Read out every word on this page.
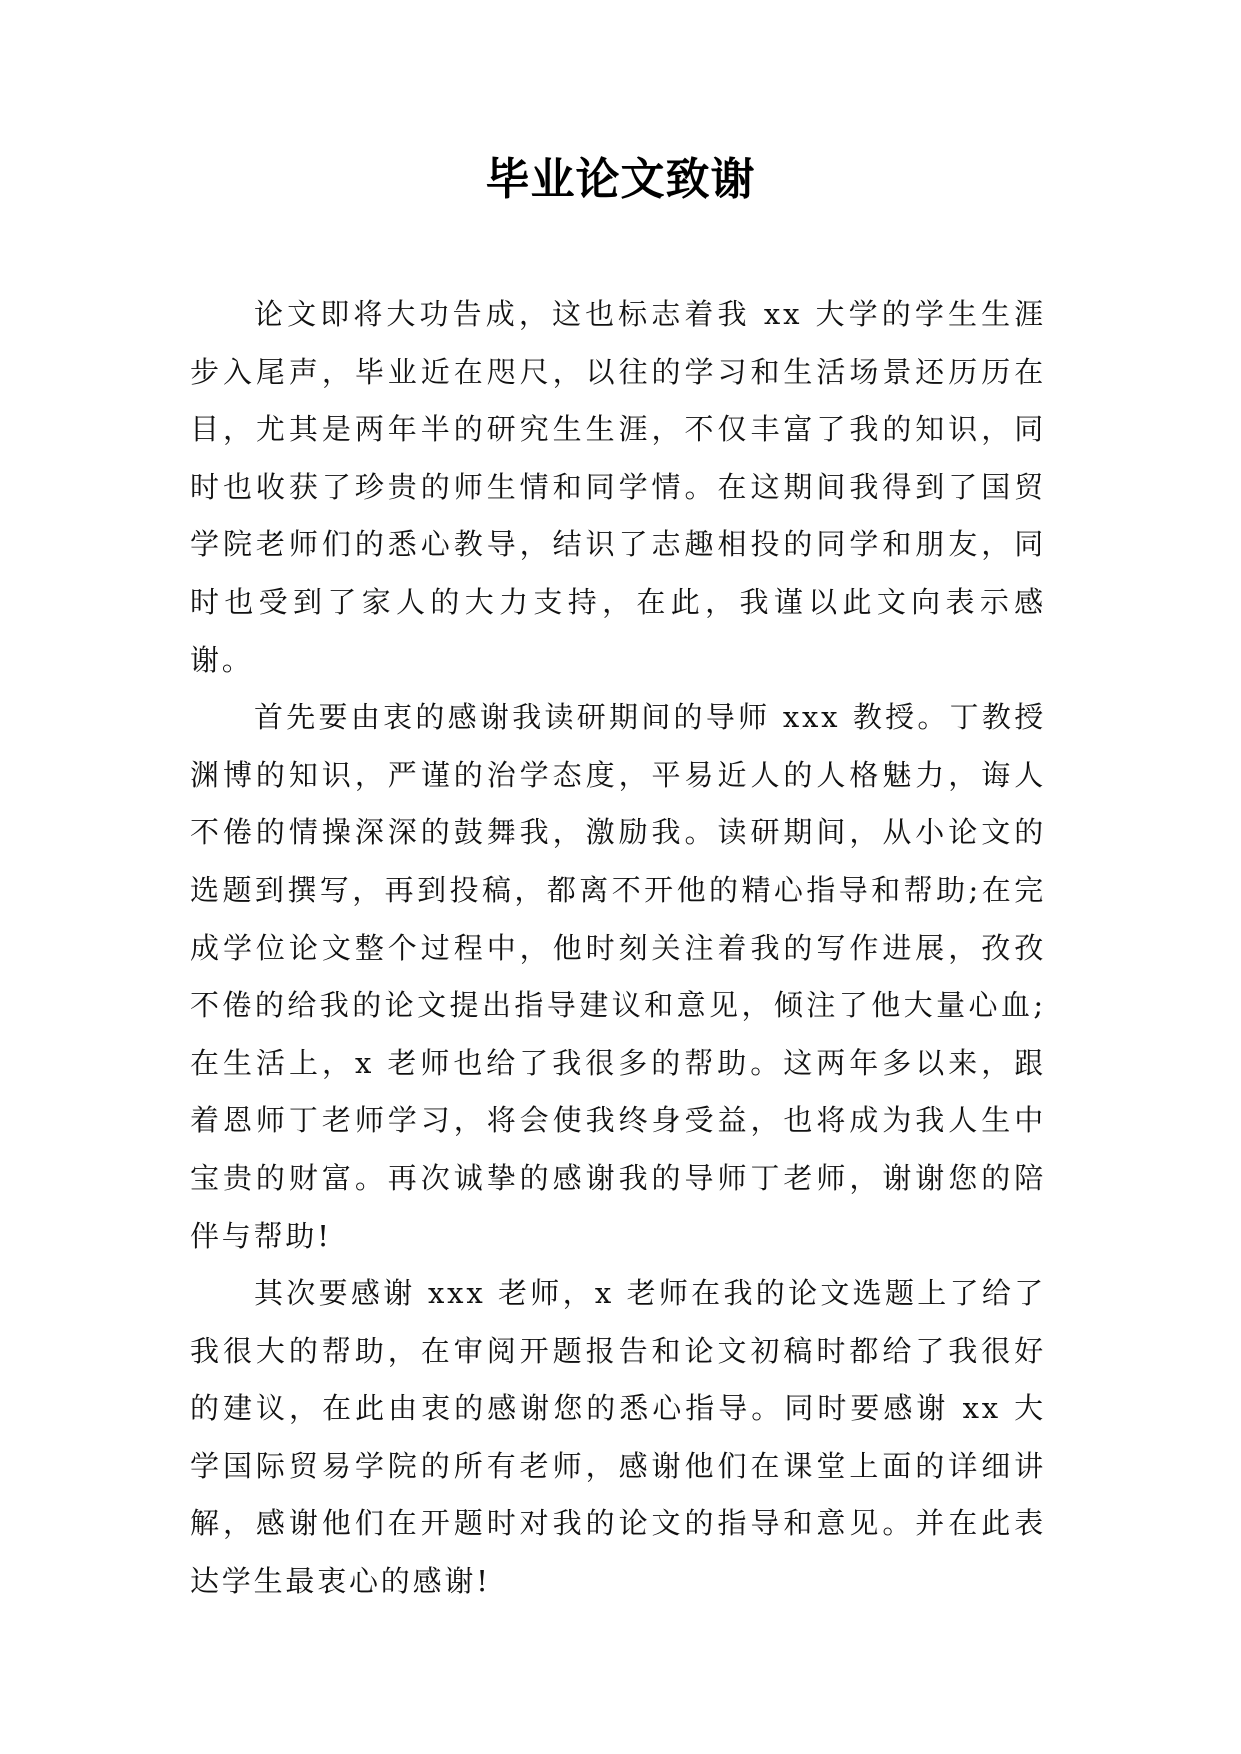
毕业论文致谢

论文即将大功告成，这也标志着我 xx 大学的学生生涯步入尾声，毕业近在咫尺，以往的学习和生活场景还历历在目，尤其是两年半的研究生生涯，不仅丰富了我的知识，同时也收获了珍贵的师生情和同学情。在这期间我得到了国贸学院老师们的悉心教导，结识了志趣相投的同学和朋友，同时也受到了家人的大力支持，在此，我谨以此文向表示感谢。

首先要由衷的感谢我读研期间的导师 xxx 教授。丁教授渊博的知识，严谨的治学态度，平易近人的人格魅力，诲人不倦的情操深深的鼓舞我，激励我。读研期间，从小论文的选题到撰写，再到投稿，都离不开他的精心指导和帮助;在完成学位论文整个过程中，他时刻关注着我的写作进展，孜孜不倦的给我的论文提出指导建议和意见，倾注了他大量心血;在生活上，x 老师也给了我很多的帮助。这两年多以来，跟着恩师丁老师学习，将会使我终身受益，也将成为我人生中宝贵的财富。再次诚挚的感谢我的导师丁老师，谢谢您的陪伴与帮助!

其次要感谢 xxx 老师，x 老师在我的论文选题上了给了我很大的帮助，在审阅开题报告和论文初稿时都给了我很好的建议，在此由衷的感谢您的悉心指导。同时要感谢 xx 大学国际贸易学院的所有老师，感谢他们在课堂上面的详细讲解，感谢他们在开题时对我的论文的指导和意见。并在此表达学生最衷心的感谢!
